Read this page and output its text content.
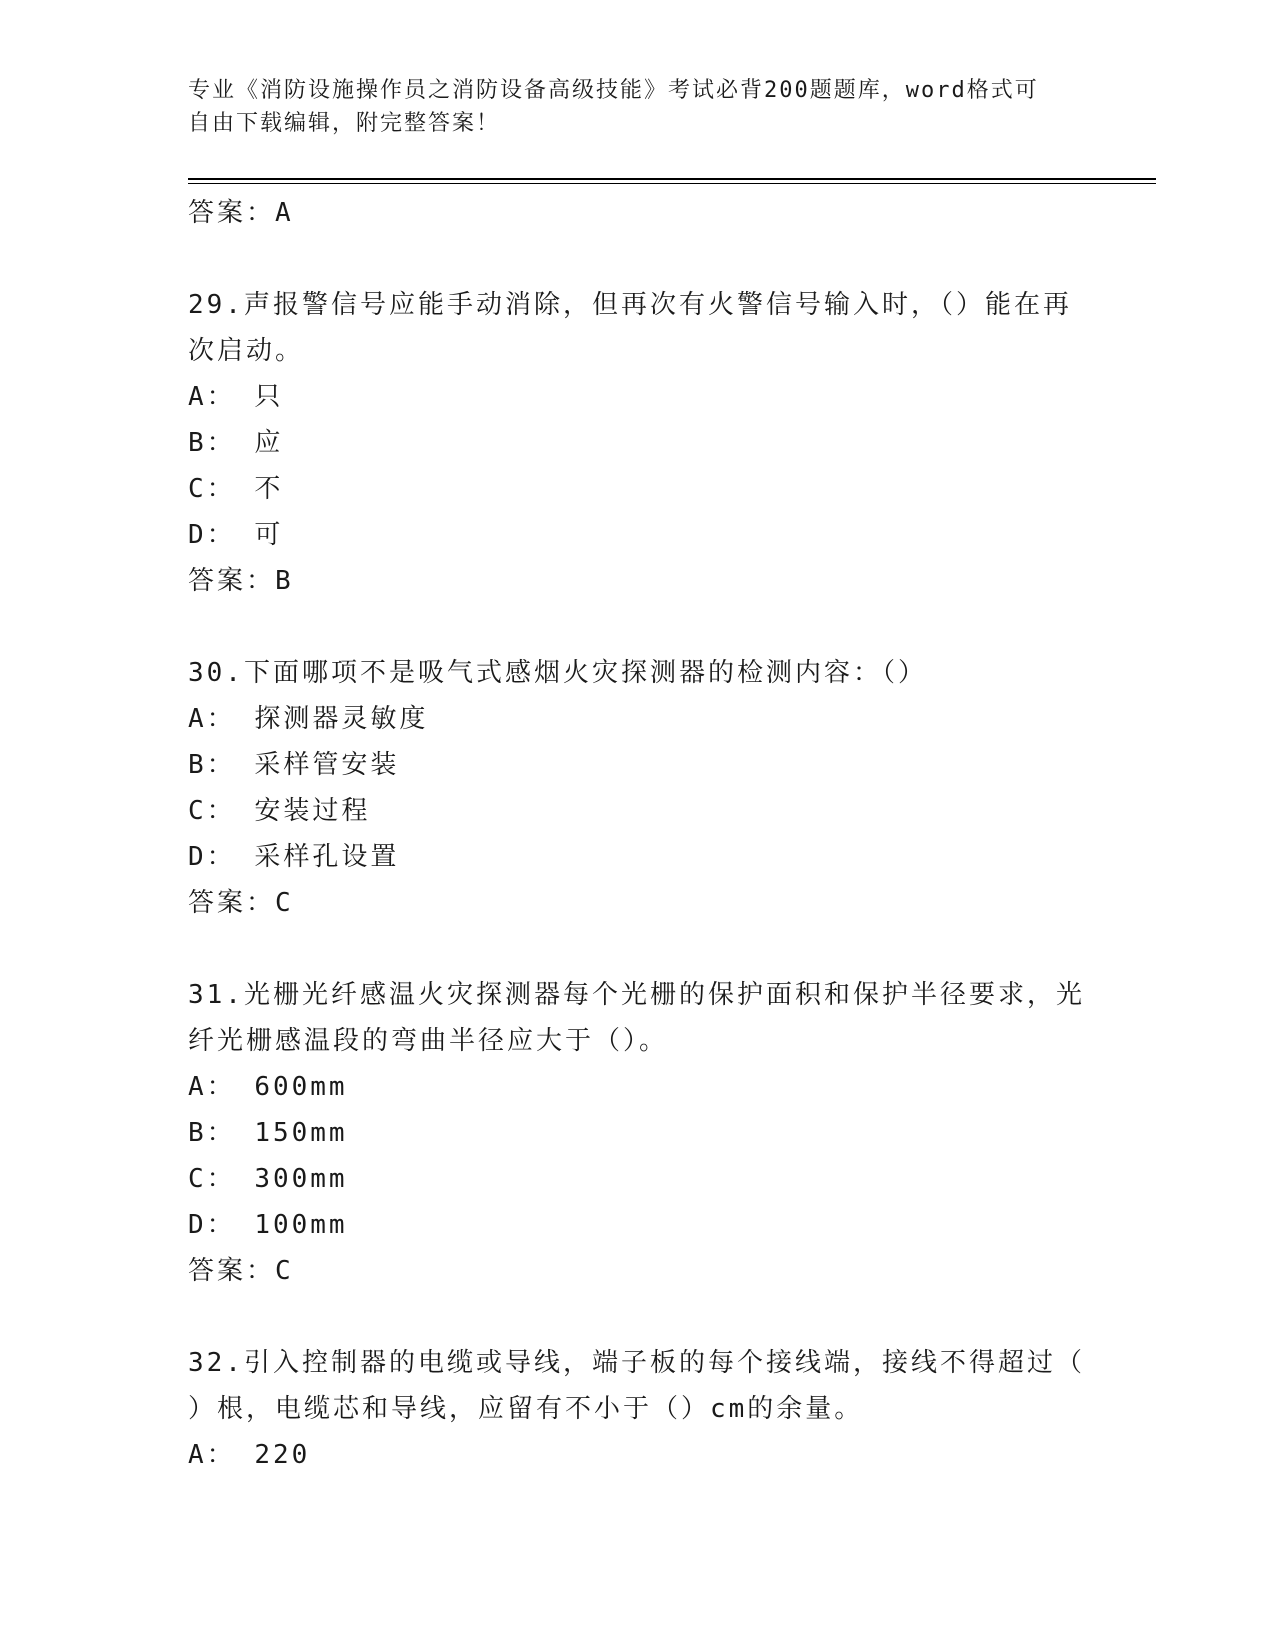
专业《消防设施操作员之消防设备高级技能》考试必背200题题库，word格式可
自由下载编辑，附完整答案！
答案：A
29.声报警信号应能手动消除，但再次有火警信号输入时，（）能在再
次启动。
A： 只
B： 应
C： 不
D： 可
答案：B
30.下面哪项不是吸气式感烟火灾探测器的检测内容：（）
A： 探测器灵敏度
B： 采样管安装
C： 安装过程
D： 采样孔设置
答案：C
31.光栅光纤感温火灾探测器每个光栅的保护面积和保护半径要求，光
纤光栅感温段的弯曲半径应大于（）。
A： 600mm
B： 150mm
C： 300mm
D： 100mm
答案：C
32.引入控制器的电缆或导线，端子板的每个接线端，接线不得超过（
）根，电缆芯和导线，应留有不小于（）cm的余量。
A： 220
